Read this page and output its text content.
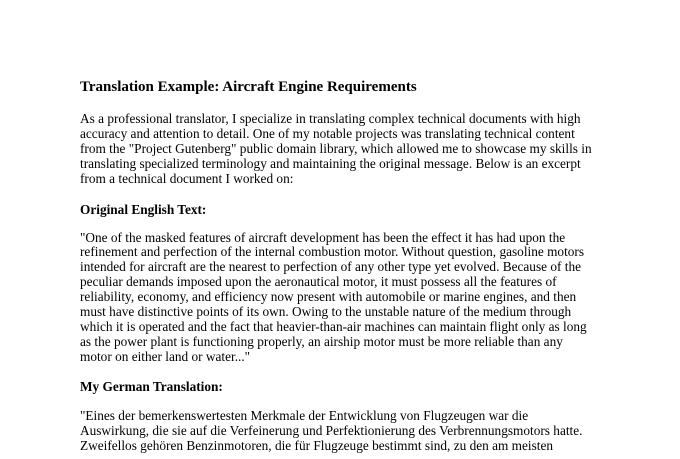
Translation Example: Aircraft Engine Requirements

As a professional translator, I specialize in translating complex technical documents with high
accuracy and attention to detail. One of my notable projects was translating technical content
from the "Project Gutenberg" public domain library, which allowed me to showcase my skills in
translating specialized terminology and maintaining the original message. Below is an excerpt
from a technical document I worked on:

Original English Text:

"One of the masked features of aircraft development has been the effect it has had upon the
refinement and perfection of the internal combustion motor. Without question, gasoline motors
intended for aircraft are the nearest to perfection of any other type yet evolved. Because of the
peculiar demands imposed upon the aeronautical motor, it must possess all the features of
reliability, economy, and efficiency now present with automobile or marine engines, and then
must have distinctive points of its own. Owing to the unstable nature of the medium through
which it is operated and the fact that heavier-than-air machines can maintain flight only as long
as the power plant is functioning properly, an airship motor must be more reliable than any
motor on either land or water..."

My German Translation:

"Eines der bemerkenswertesten Merkmale der Entwicklung von Flugzeugen war die
Auswirkung, die sie auf die Verfeinerung und Perfektionierung des Verbrennungsmotors hatte.
Zweifellos gehören Benzinmotoren, die für Flugzeuge bestimmt sind, zu den am meisten
